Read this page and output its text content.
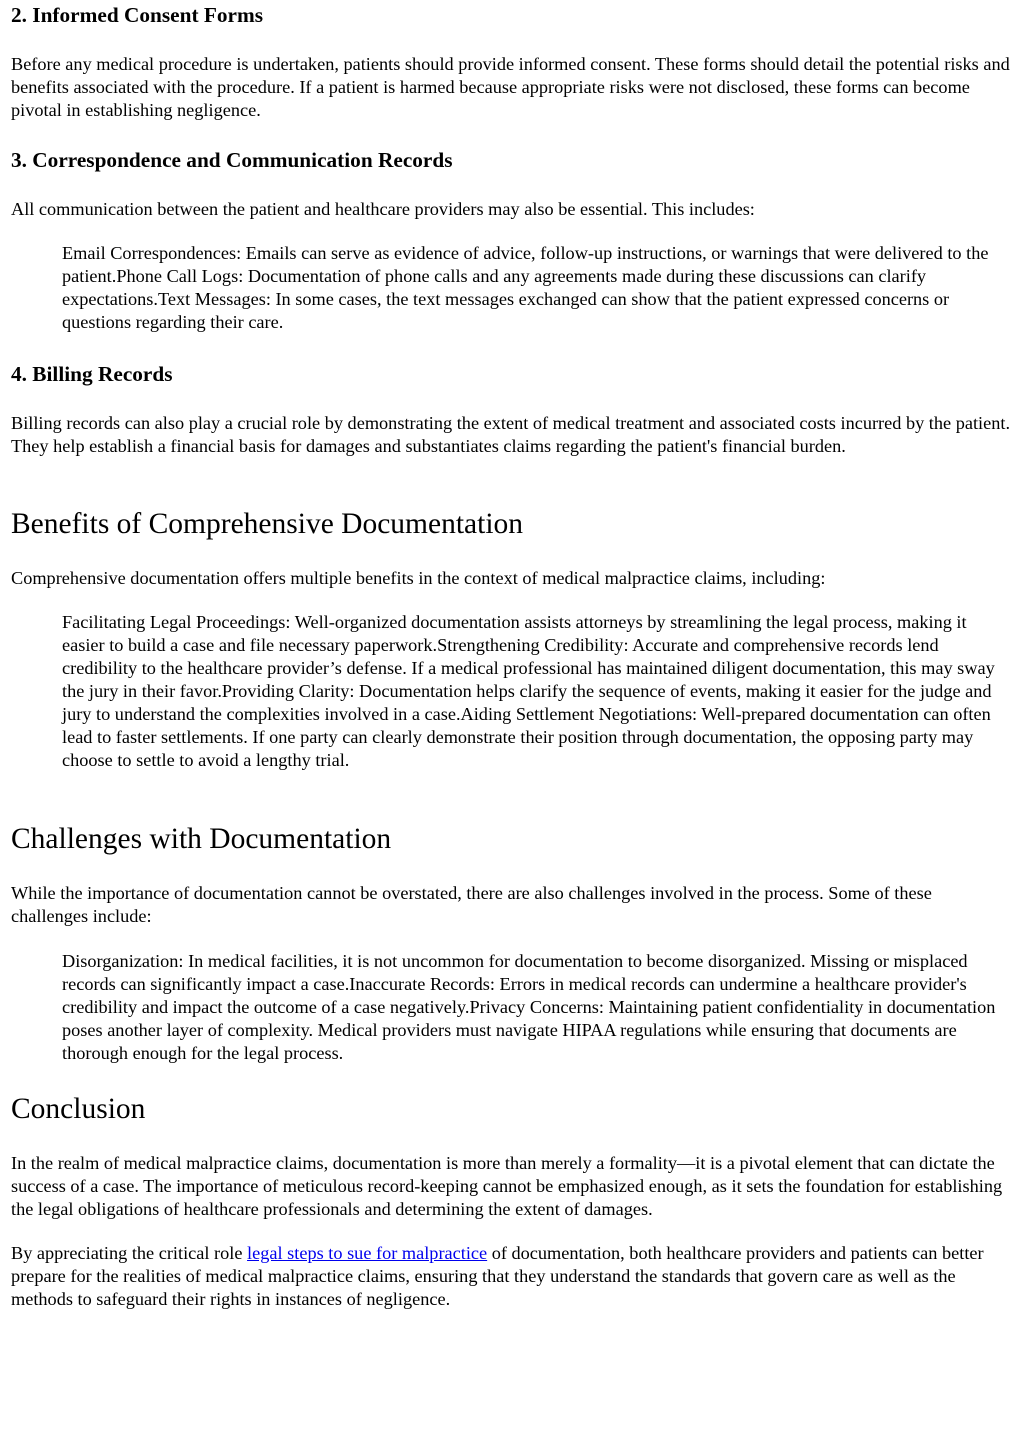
2. Informed Consent Forms

Before any medical procedure is undertaken, patients should provide informed consent. These forms should detail the potential risks and benefits associated with the procedure. If a patient is harmed because appropriate risks were not disclosed, these forms can become pivotal in establishing negligence.

3. Correspondence and Communication Records

All communication between the patient and healthcare providers may also be essential. This includes:

Email Correspondences: Emails can serve as evidence of advice, follow-up instructions, or warnings that were delivered to the patient.Phone Call Logs: Documentation of phone calls and any agreements made during these discussions can clarify expectations.Text Messages: In some cases, the text messages exchanged can show that the patient expressed concerns or questions regarding their care.
4. Billing Records

Billing records can also play a crucial role by demonstrating the extent of medical treatment and associated costs incurred by the patient. They help establish a financial basis for damages and substantiates claims regarding the patient's financial burden.

Benefits of Comprehensive Documentation

Comprehensive documentation offers multiple benefits in the context of medical malpractice claims, including:

Facilitating Legal Proceedings: Well-organized documentation assists attorneys by streamlining the legal process, making it easier to build a case and file necessary paperwork.Strengthening Credibility: Accurate and comprehensive records lend credibility to the healthcare provider’s defense. If a medical professional has maintained diligent documentation, this may sway the jury in their favor.Providing Clarity: Documentation helps clarify the sequence of events, making it easier for the judge and jury to understand the complexities involved in a case.Aiding Settlement Negotiations: Well-prepared documentation can often lead to faster settlements. If one party can clearly demonstrate their position through documentation, the opposing party may choose to settle to avoid a lengthy trial.
Challenges with Documentation

While the importance of documentation cannot be overstated, there are also challenges involved in the process. Some of these challenges include:

Disorganization: In medical facilities, it is not uncommon for documentation to become disorganized. Missing or misplaced records can significantly impact a case.Inaccurate Records: Errors in medical records can undermine a healthcare provider's credibility and impact the outcome of a case negatively.Privacy Concerns: Maintaining patient confidentiality in documentation poses another layer of complexity. Medical providers must navigate HIPAA regulations while ensuring that documents are thorough enough for the legal process.
Conclusion

In the realm of medical malpractice claims, documentation is more than merely a formality—it is a pivotal element that can dictate the success of a case. The importance of meticulous record-keeping cannot be emphasized enough, as it sets the foundation for establishing the legal obligations of healthcare professionals and determining the extent of damages.

By appreciating the critical role legal steps to sue for malpractice of documentation, both healthcare providers and patients can better prepare for the realities of medical malpractice claims, ensuring that they understand the standards that govern care as well as the methods to safeguard their rights in instances of negligence.
